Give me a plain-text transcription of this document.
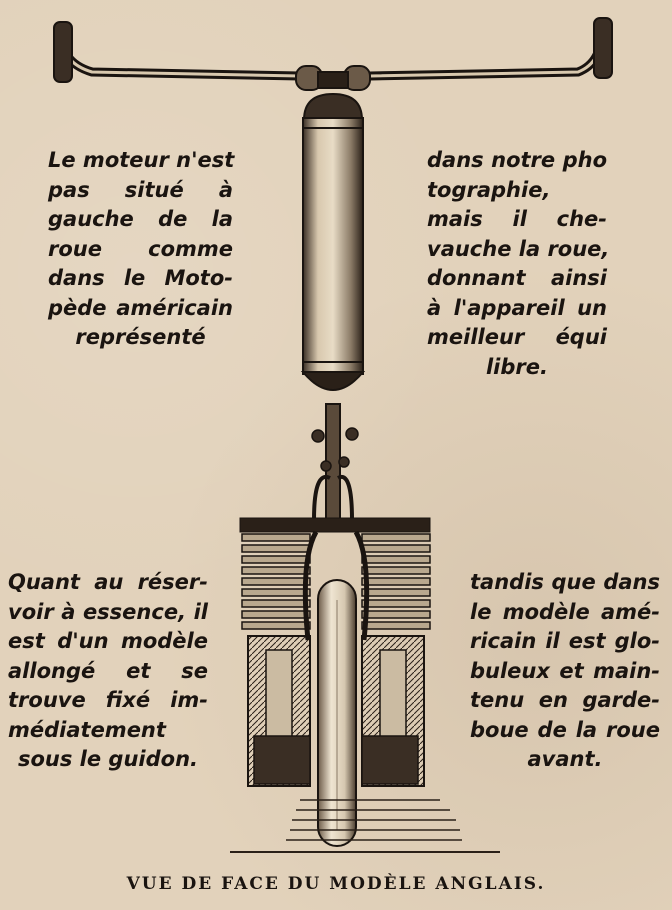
Le moteur n'est
pas situé à
gauche de la
roue comme
dans le Moto-
pède américain
représenté
dans notre pho
tographie,
mais il che-
vauche la roue,
donnant ainsi
à l'appareil un
meilleur équi
libre.
Quant au réser-
voir à essence, il
est d'un modèle
allongé et se
trouve fixé im-
médiatement
sous le guidon.
tandis que dans
le modèle amé-
ricain il est glo-
buleux et main-
tenu en garde-
boue de la roue
avant.
VUE DE FACE DU MODÈLE ANGLAIS.
